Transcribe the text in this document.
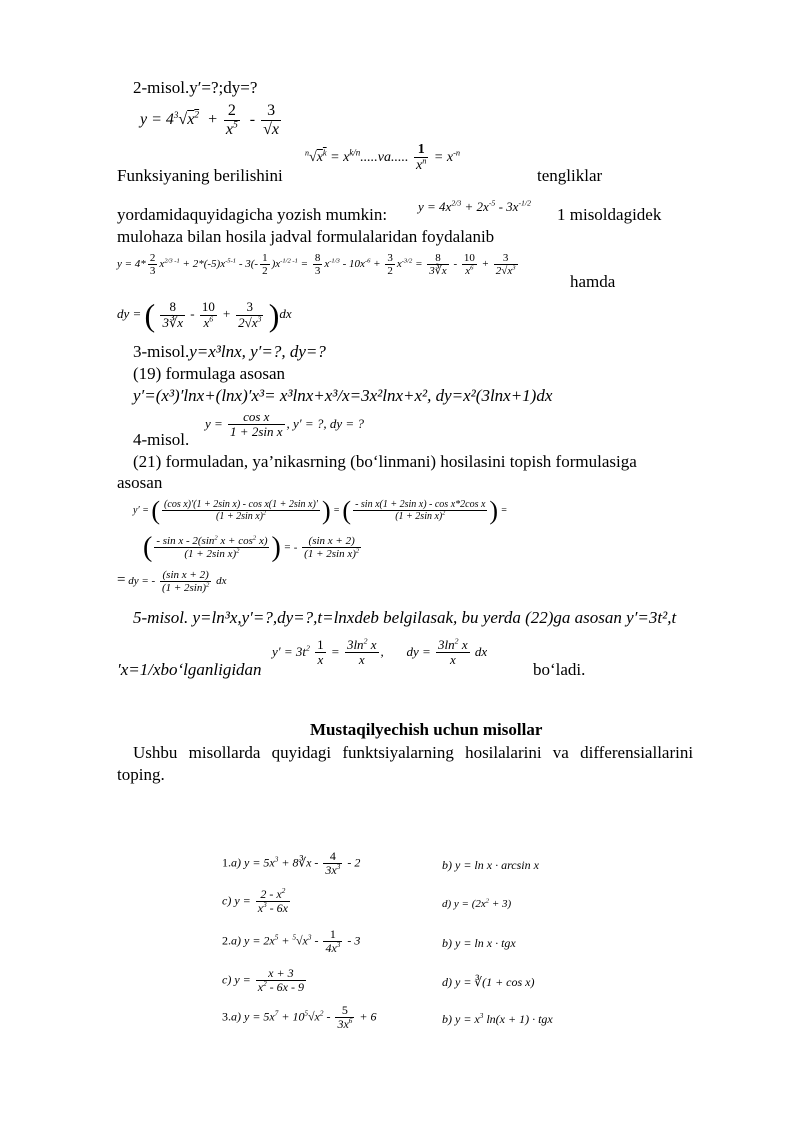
2-misol.y′=?;dy=?
$y = 4^3√x^2 + \frac{2}{x^5} - \frac{3}{√x}$
Funksiyaning berilishini
$^n√x^k = x^{k/n}.....va$..... $\frac{1}{x^n} = x^{-n}$
tengliklar
yordamidaquyidagicha yozish mumkin: $y = 4x^{2/3} + 2x^{-5} - 3x^{-1/2}$
1 misoldagidek
mulohaza bilan hosila jadval formulalaridan foydalanib
$y = 4* \frac{2}{3} x^{2/3 -1} + 2*(-5)x^{-5-1} - 3(- \frac{1}{2} )x^{-1/2 -1} = \frac{8}{3} x^{-1/3} - 10x^{-6} + \frac{3}{2} x^{-3/2} = \frac{8}{3∛x} - \frac{10}{x^6} + \frac{3}{2√x^3}$
hamda
dy = ( $\frac{8}{3∛x} - \frac{10}{x^6} + \frac{3}{2√x^3} )dx$
3-misol.y=x³lnx, y′=?, dy=?
(19) formulaga asosan
y′=(x³)′lnx+(lnx)′x³= x³lnx+x³/x=3x²lnx+x², dy=x²(3lnx+1)dx
4-misol.
$y = \frac{\text{cos x}}{\text{1 + 2sin x}}$ , y′ = ?, dy = ?
(21) formuladan, ya’nikasrning (bo‘linmani) hosilasini topish formulasiga
asosan
y′ = ( $\frac{\text{(cos x)′(1 + 2sin x) - cos x(1 + 2sin x)′}}{(1 + 2\sin x)^2}$ ) = ( $\frac{\text{- sin x(1 + 2sin x) - cos x*2cos x}}{(1 + 2\sin x)^2}$ ) =
( $\frac{- \sin x - 2(\sin^2 x + \cos^2 x)}{(1 + 2\sin x)^2}$ ) = - $\frac{\text{(sin x + 2)}}{(1 + 2\sin x)^2}$
= dy = - $\frac{\text{(sin x + 2)}}{(1 + 2\sin)^2}$ dx
5-misol. y=ln³x,y′=?,dy=?,t=lnxdeb belgilasak, bu yerda (22)ga asosan y′=3t²,t
′x=1/xbo‘lganligidan
$y' = 3t^2 \frac{1}{x} = \frac{3\ln^2 x}{x}$ ,       dy = $\frac{3\ln^2 x}{x}$ dx
bo‘ladi.
Mustaqilyechish uchun misollar
Ushbu misollarda quyidagi funktsiyalarning hosilalarini va differensiallarini
toping.
1.a) $y = 5x^3$ + 8∛x - $\frac{4}{3x^3} - 2$	b) y = ln x · arcsin x
c) $y = \frac{2 - x^2}{x^3 - 6x}$	d) $y = (2x^2 + 3)$
2.a) $y = 2x^5 + ^5√x^3 - \frac{1}{4x^3} - 3$	b) y = ln x · tgx
c) $y = \frac{x + 3}{x^2 - 6x - 9}$	d) y = ∛(1 + cos x)
3.a) $y = 5x^7 + 10^5√x^2 - \frac{5}{3x^6} + 6$	b) $y = x^3$ ln(x + 1) · tgx
